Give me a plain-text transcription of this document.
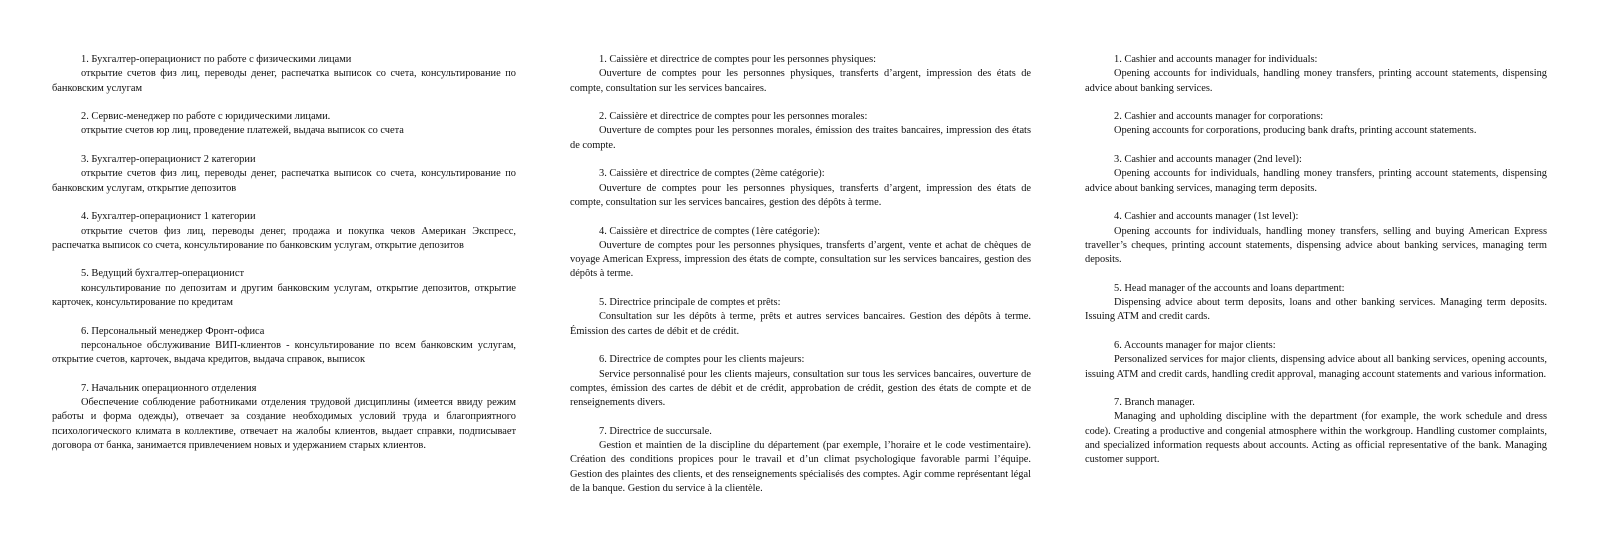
1. Бухгалтер-операционист по работе с физическими лицами

открытие счетов физ лиц, переводы денег, распечатка выписок со счета, консультирование по банковским услугам

2. Сервис-менеджер по работе с юридическими лицами.

открытие счетов юр лиц, проведение платежей, выдача выписок со счета

3. Бухгалтер-операционист 2 категории

открытие счетов физ лиц, переводы денег, распечатка выписок со счета, консультирование по банковским услугам, открытие депозитов

4. Бухгалтер-операционист 1 категории

открытие счетов физ лиц, переводы денег, продажа и покупка чеков Американ Экспресс, распечатка выписок со счета, консультирование по банковским услугам, открытие депозитов

5. Ведущий бухгалтер-операционист

консультирование по депозитам и другим банковским услугам, открытие депозитов, открытие карточек, консультирование по кредитам

6. Персональный менеджер Фронт-офиса

персональное обслуживание ВИП-клиентов - консультирование по всем банковским услугам, открытие счетов, карточек, выдача кредитов, выдача справок, выписок

7. Начальник операционного отделения

Обеспечение соблюдение работниками отделения трудовой дисциплины (имеется ввиду режим работы и форма одежды), отвечает за создание необходимых условий труда и благоприятного психологического климата в коллективе, отвечает на жалобы клиентов, выдает справки, подписывает договора от банка, занимается привлечением новых и удержанием старых клиентов.

1. Caissière et directrice de comptes pour les personnes physiques:

Ouverture de comptes pour les personnes physiques, transferts d’argent, impression des états de compte, consultation sur les services bancaires.

2. Caissière et directrice de comptes pour les personnes morales:

Ouverture de comptes pour les personnes morales, émission des traites bancaires, impression des états de compte.

3. Caissière et directrice de comptes (2ème catégorie):

Ouverture de comptes pour les personnes physiques, transferts d’argent, impression des états de compte, consultation sur les services bancaires, gestion des dépôts à terme.

4. Caissière et directrice de comptes (1ère catégorie):

Ouverture de comptes pour les personnes physiques, transferts d’argent, vente et achat de chèques de voyage American Express, impression des états de compte, consultation sur les services bancaires, gestion des dépôts à terme.

5. Directrice principale de comptes et prêts:

Consultation sur les dépôts à terme, prêts et autres services bancaires. Gestion des dépôts à terme. Émission des cartes de débit et de crédit.

6. Directrice de comptes pour les clients majeurs:

Service personnalisé pour les clients majeurs, consultation sur tous les services bancaires, ouverture de comptes, émission des cartes de débit et de crédit, approbation de crédit, gestion des états de compte et de renseignements divers.

7. Directrice de succursale.

Gestion et maintien de la discipline du département (par exemple, l’horaire et le code vestimentaire). Création des conditions propices pour le travail et d’un climat psychologique favorable parmi l’équipe. Gestion des plaintes des clients, et des renseignements spécialisés des comptes. Agir comme représentant légal de la banque. Gestion du service à la clientèle.

1. Cashier and accounts manager for individuals:

Opening accounts for individuals, handling money transfers, printing account statements, dispensing advice about banking services.

2. Cashier and accounts manager for corporations:

Opening accounts for corporations, producing bank drafts, printing account statements.

3. Cashier and accounts manager (2nd level):

Opening accounts for individuals, handling money transfers, printing account statements, dispensing advice about banking services, managing term deposits.

4. Cashier and accounts manager (1st level):

Opening accounts for individuals, handling money transfers, selling and buying American Express traveller’s cheques, printing account statements, dispensing advice about banking services, managing term deposits.

5. Head manager of the accounts and loans department:

Dispensing advice about term deposits, loans and other banking services. Managing term deposits. Issuing ATM and credit cards.

6. Accounts manager for major clients:

Personalized services for major clients, dispensing advice about all banking services, opening accounts, issuing ATM and credit cards, handling credit approval, managing account statements and various information.

7. Branch manager.

Managing and upholding discipline with the department (for example, the work schedule and dress code). Creating a productive and congenial atmosphere within the workgroup. Handling customer complaints, and specialized information requests about accounts. Acting as official representative of the bank. Managing customer support.
